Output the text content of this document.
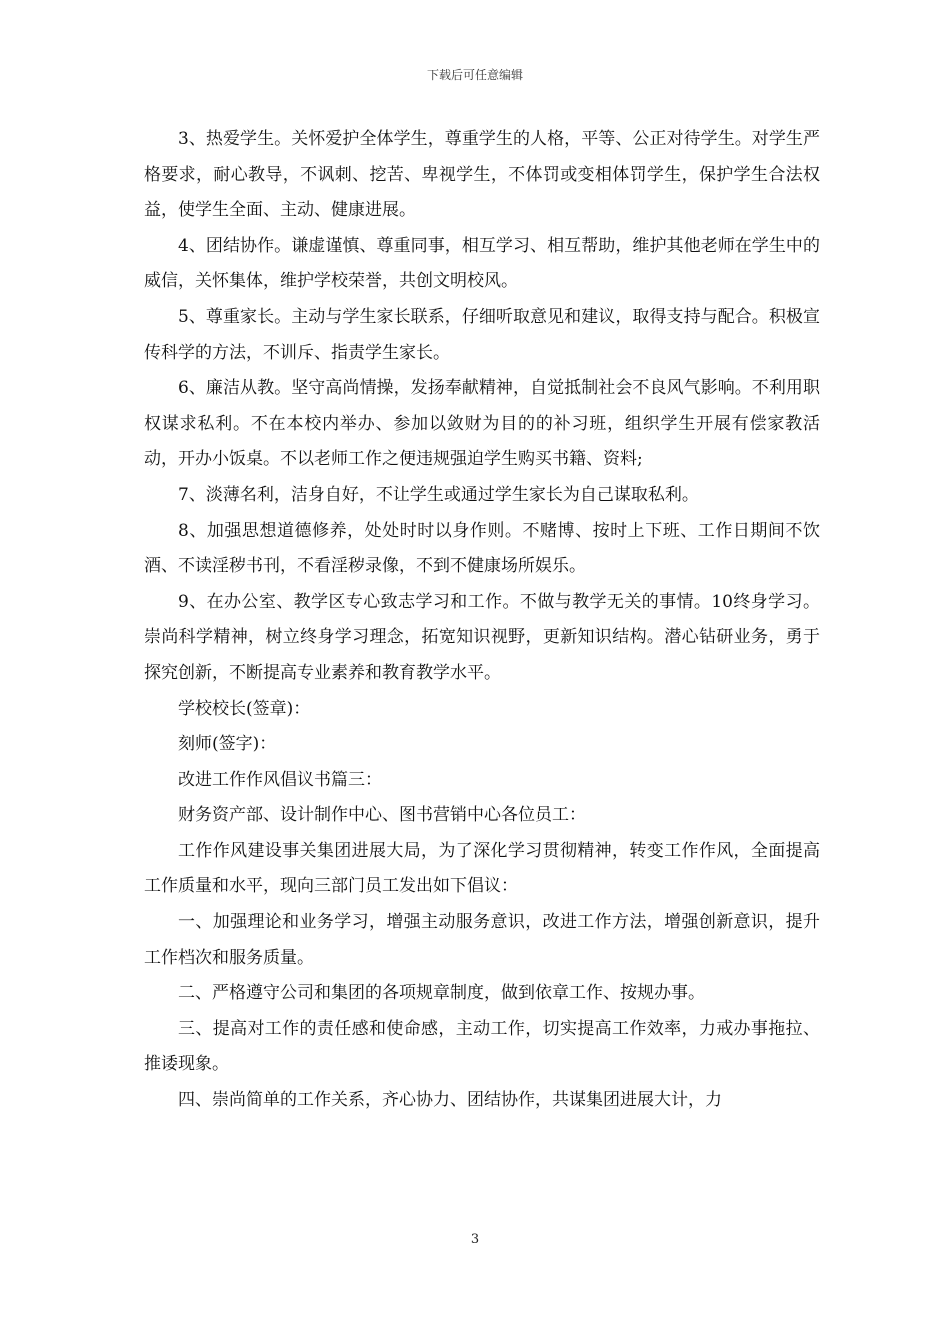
下载后可任意编辑

3、热爱学生。关怀爱护全体学生，尊重学生的人格，平等、公正对待学生。对学生严格要求，耐心教导，不讽刺、挖苦、卑视学生，不体罚或变相体罚学生，保护学生合法权益，使学生全面、主动、健康进展。

4、团结协作。谦虚谨慎、尊重同事，相互学习、相互帮助，维护其他老师在学生中的威信，关怀集体，维护学校荣誉，共创文明校风。

5、尊重家长。主动与学生家长联系，仔细听取意见和建议，取得支持与配合。积极宣传科学的方法，不训斥、指责学生家长。

6、廉洁从教。坚守高尚情操，发扬奉献精神，自觉抵制社会不良风气影响。不利用职权谋求私利。不在本校内举办、参加以敛财为目的的补习班，组织学生开展有偿家教活动，开办小饭桌。不以老师工作之便违规强迫学生购买书籍、资料;

7、淡薄名利，洁身自好，不让学生或通过学生家长为自己谋取私利。

8、加强思想道德修养，处处时时以身作则。不赌博、按时上下班、工作日期间不饮酒、不读淫秽书刊，不看淫秽录像，不到不健康场所娱乐。

9、在办公室、教学区专心致志学习和工作。不做与教学无关的事情。10终身学习。崇尚科学精神，树立终身学习理念，拓宽知识视野，更新知识结构。潜心钻研业务，勇于探究创新，不断提高专业素养和教育教学水平。

学校校长(签章)：

刻师(签字)：

改进工作作风倡议书篇三：

财务资产部、设计制作中心、图书营销中心各位员工：

工作作风建设事关集团进展大局，为了深化学习贯彻精神，转变工作作风，全面提高工作质量和水平，现向三部门员工发出如下倡议：

一、加强理论和业务学习，增强主动服务意识，改进工作方法，增强创新意识，提升工作档次和服务质量。

二、严格遵守公司和集团的各项规章制度，做到依章工作、按规办事。

三、提高对工作的责任感和使命感，主动工作，切实提高工作效率，力戒办事拖拉、推诿现象。

四、崇尚简单的工作关系，齐心协力、团结协作，共谋集团进展大计，力

3
